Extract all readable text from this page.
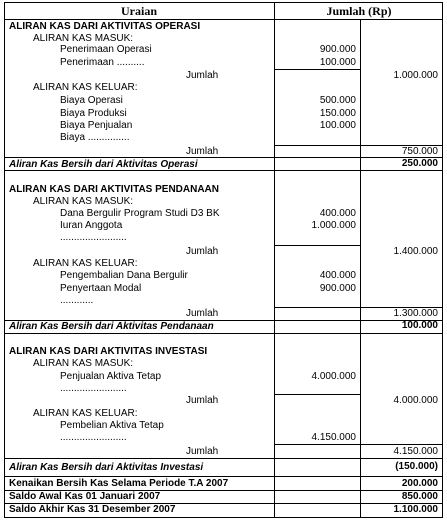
Uraian	Jumlah (Rp)
ALIRAN KAS DARI AKTIVITAS OPERASI
ALIRAN KAS MASUK:
Penerimaan Operasi	900.000
Penerimaan ..........	100.000
Jumlah	1.000.000
ALIRAN KAS KELUAR:
Biaya Operasi	500.000
Biaya Produksi	150.000
Biaya Penjualan	100.000
Biaya ...............
Jumlah	750.000
Aliran Kas Bersih dari Aktivitas Operasi	250.000
ALIRAN KAS DARI AKTIVITAS PENDANAAN
ALIRAN KAS MASUK:
Dana Bergulir Program Studi D3 BK	400.000
Iuran Anggota	1.000.000
........................
Jumlah	1.400.000
ALIRAN KAS KELUAR:
Pengembalian Dana Bergulir	400.000
Penyertaan Modal	900.000
............
Jumlah	1.300.000
Aliran Kas Bersih dari Aktivitas Pendanaan	100.000
ALIRAN KAS DARI AKTIVITAS INVESTASI
ALIRAN KAS MASUK:
Penjualan Aktiva Tetap	4.000.000
........................
Jumlah	4.000.000
ALIRAN KAS KELUAR:
Pembelian Aktiva Tetap
........................	4.150.000
Jumlah	4.150.000
Aliran Kas Bersih dari Aktivitas Investasi	(150.000)
Kenaikan Bersih Kas Selama Periode T.A 2007	200.000
Saldo Awal Kas 01 Januari 2007	850.000
Saldo Akhir Kas 31 Desember 2007	1.100.000
